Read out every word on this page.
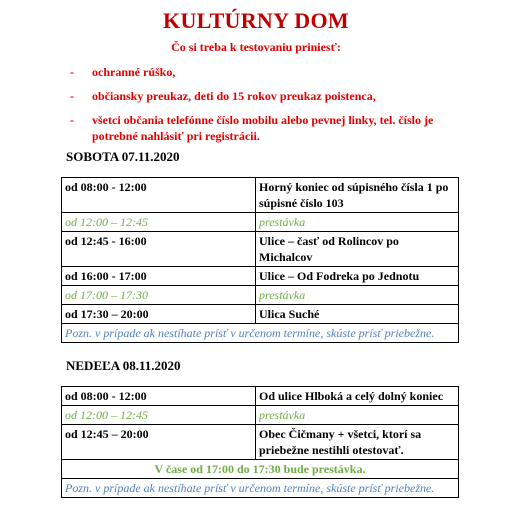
KULTÚRNY DOM
Čo si treba k testovaniu priniesť:
- ochranné rúško,
- občiansky preukaz, deti do 15 rokov preukaz poistenca,
- všetci občania telefónne číslo mobilu alebo pevnej linky, tel. číslo je potrebné nahlásiť pri registrácii.
SOBOTA 07.11.2020
od 08:00 - 12:00	Horný koniec od súpisného čísla 1 po súpisné číslo 103
od 12:00 – 12:45	prestávka
od 12:45 - 16:00	Ulice – časť od Rolincov po Michalcov
od 16:00 - 17:00	Ulice – Od Fodreka po Jednotu
od 17:00 – 17:30	prestávka
od 17:30 – 20:00	Ulica Suché
Pozn. v prípade ak nestíhate prísť v určenom termíne, skúste prísť priebežne.	
NEDEĽA 08.11.2020
od 08:00 - 12:00	Od ulice Hlboká a celý dolný koniec
od 12:00 – 12:45	prestávka
od 12:45 – 20:00	Obec Čičmany + všetci, ktorí sa priebežne nestihli otestovať.
V čase od 17:00 do 17:30 bude prestávka.	
Pozn. v prípade ak nestíhate prísť v určenom termíne, skúste prísť priebežne.	
